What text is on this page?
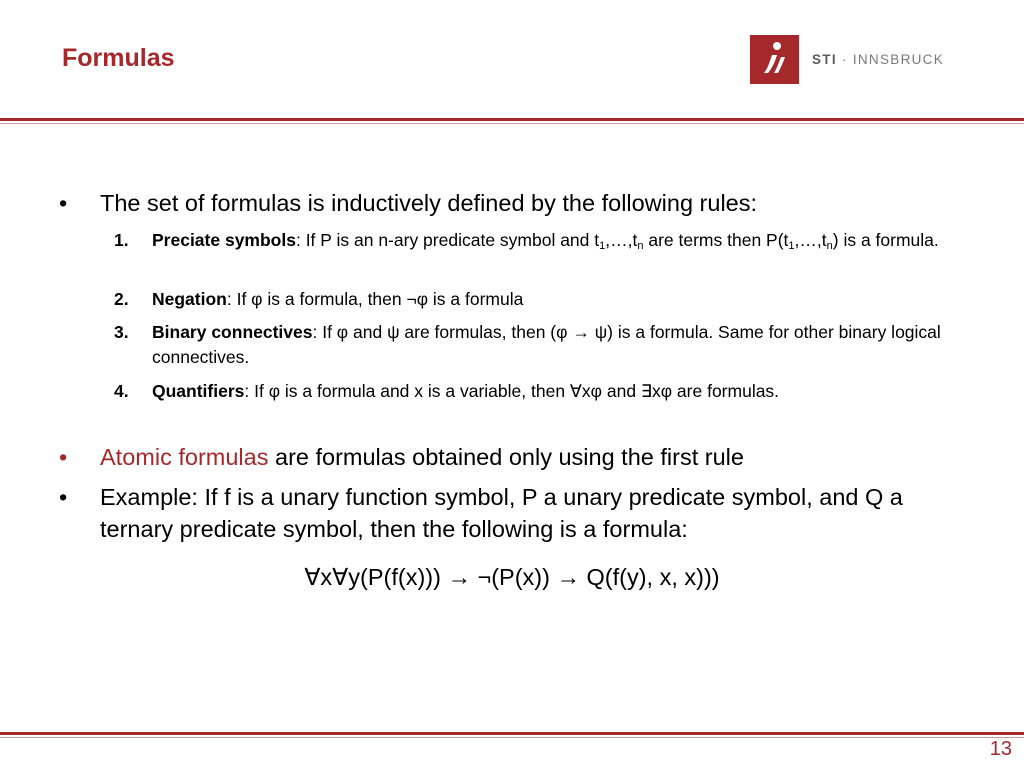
Formulas	STI · INNSBRUCK
• The set of formulas is inductively defined by the following rules:
1. Preciate symbols: If P is an n-ary predicate symbol and $t_1,\dots,t_n$ are terms then $P(t_1,\dots,t_n)$ is a formula.
2. Negation: If φ is a formula, then ¬φ is a formula
3. Binary connectives: If φ and ψ are formulas, then (φ → ψ) is a formula. Same for other binary logical connectives.
4. Quantifiers: If φ is a formula and x is a variable, then ∀xφ and ∃xφ are formulas.
• Atomic formulas are formulas obtained only using the first rule
• Example: If f is a unary function symbol, P a unary predicate symbol, and Q a ternary predicate symbol, then the following is a formula:
∀x∀y(P(f(x))) → ¬(P(x)) → Q(f(y), x, x)))
13
